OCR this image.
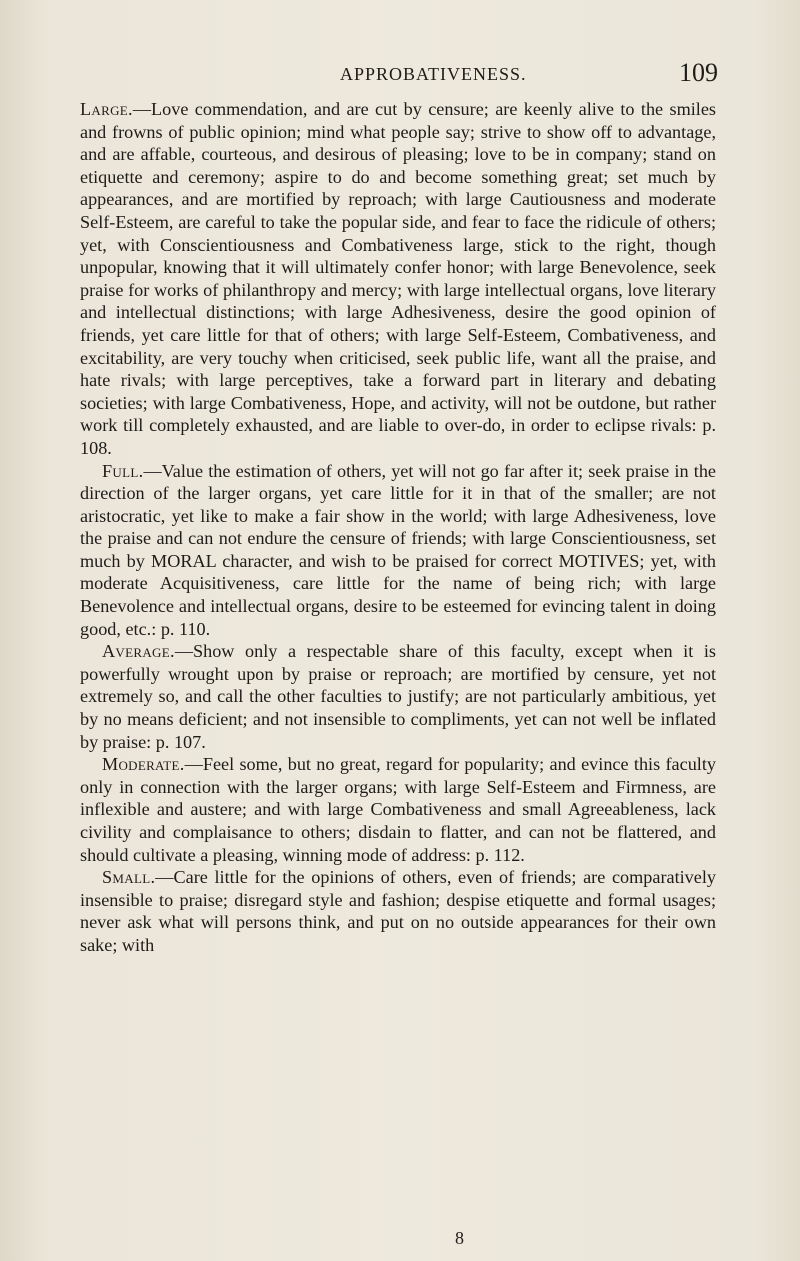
APPROBATIVENESS.	109

Large.—Love commendation, and are cut by censure; are keenly alive to the smiles and frowns of public opinion; mind what people say; strive to show off to advantage, and are affable, courteous, and desirous of pleasing; love to be in company; stand on etiquette and ceremony; aspire to do and become something great; set much by appearances, and are mortified by reproach; with large Cautiousness and moderate Self-Esteem, are careful to take the popular side, and fear to face the ridicule of others; yet, with Conscientiousness and Combativeness large, stick to the right, though unpopular, knowing that it will ultimately confer honor; with large Benevolence, seek praise for works of philanthropy and mercy; with large intellectual organs, love literary and intellectual distinctions; with large Adhesiveness, desire the good opinion of friends, yet care little for that of others; with large Self-Esteem, Combativeness, and excitability, are very touchy when criticised, seek public life, want all the praise, and hate rivals; with large perceptives, take a forward part in literary and debating societies; with large Combativeness, Hope, and activity, will not be outdone, but rather work till completely exhausted, and are liable to over-do, in order to eclipse rivals: p. 108.

Full.—Value the estimation of others, yet will not go far after it; seek praise in the direction of the larger organs, yet care little for it in that of the smaller; are not aristocratic, yet like to make a fair show in the world; with large Adhesiveness, love the praise and can not endure the censure of friends; with large Conscientiousness, set much by MORAL character, and wish to be praised for correct MOTIVES; yet, with moderate Acquisitiveness, care little for the name of being rich; with large Benevolence and intellectual organs, desire to be esteemed for evincing talent in doing good, etc.: p. 110.

Average.—Show only a respectable share of this faculty, except when it is powerfully wrought upon by praise or reproach; are mortified by censure, yet not extremely so, and call the other faculties to justify; are not particularly ambitious, yet by no means deficient; and not insensible to compliments, yet can not well be inflated by praise: p. 107.

Moderate.—Feel some, but no great, regard for popularity; and evince this faculty only in connection with the larger organs; with large Self-Esteem and Firmness, are inflexible and austere; and with large Combativeness and small Agreeableness, lack civility and complaisance to others; disdain to flatter, and can not be flattered, and should cultivate a pleasing, winning mode of address: p. 112.

Small.—Care little for the opinions of others, even of friends; are comparatively insensible to praise; disregard style and fashion; despise etiquette and formal usages; never ask what will persons think, and put on no outside appearances for their own sake; with

8
